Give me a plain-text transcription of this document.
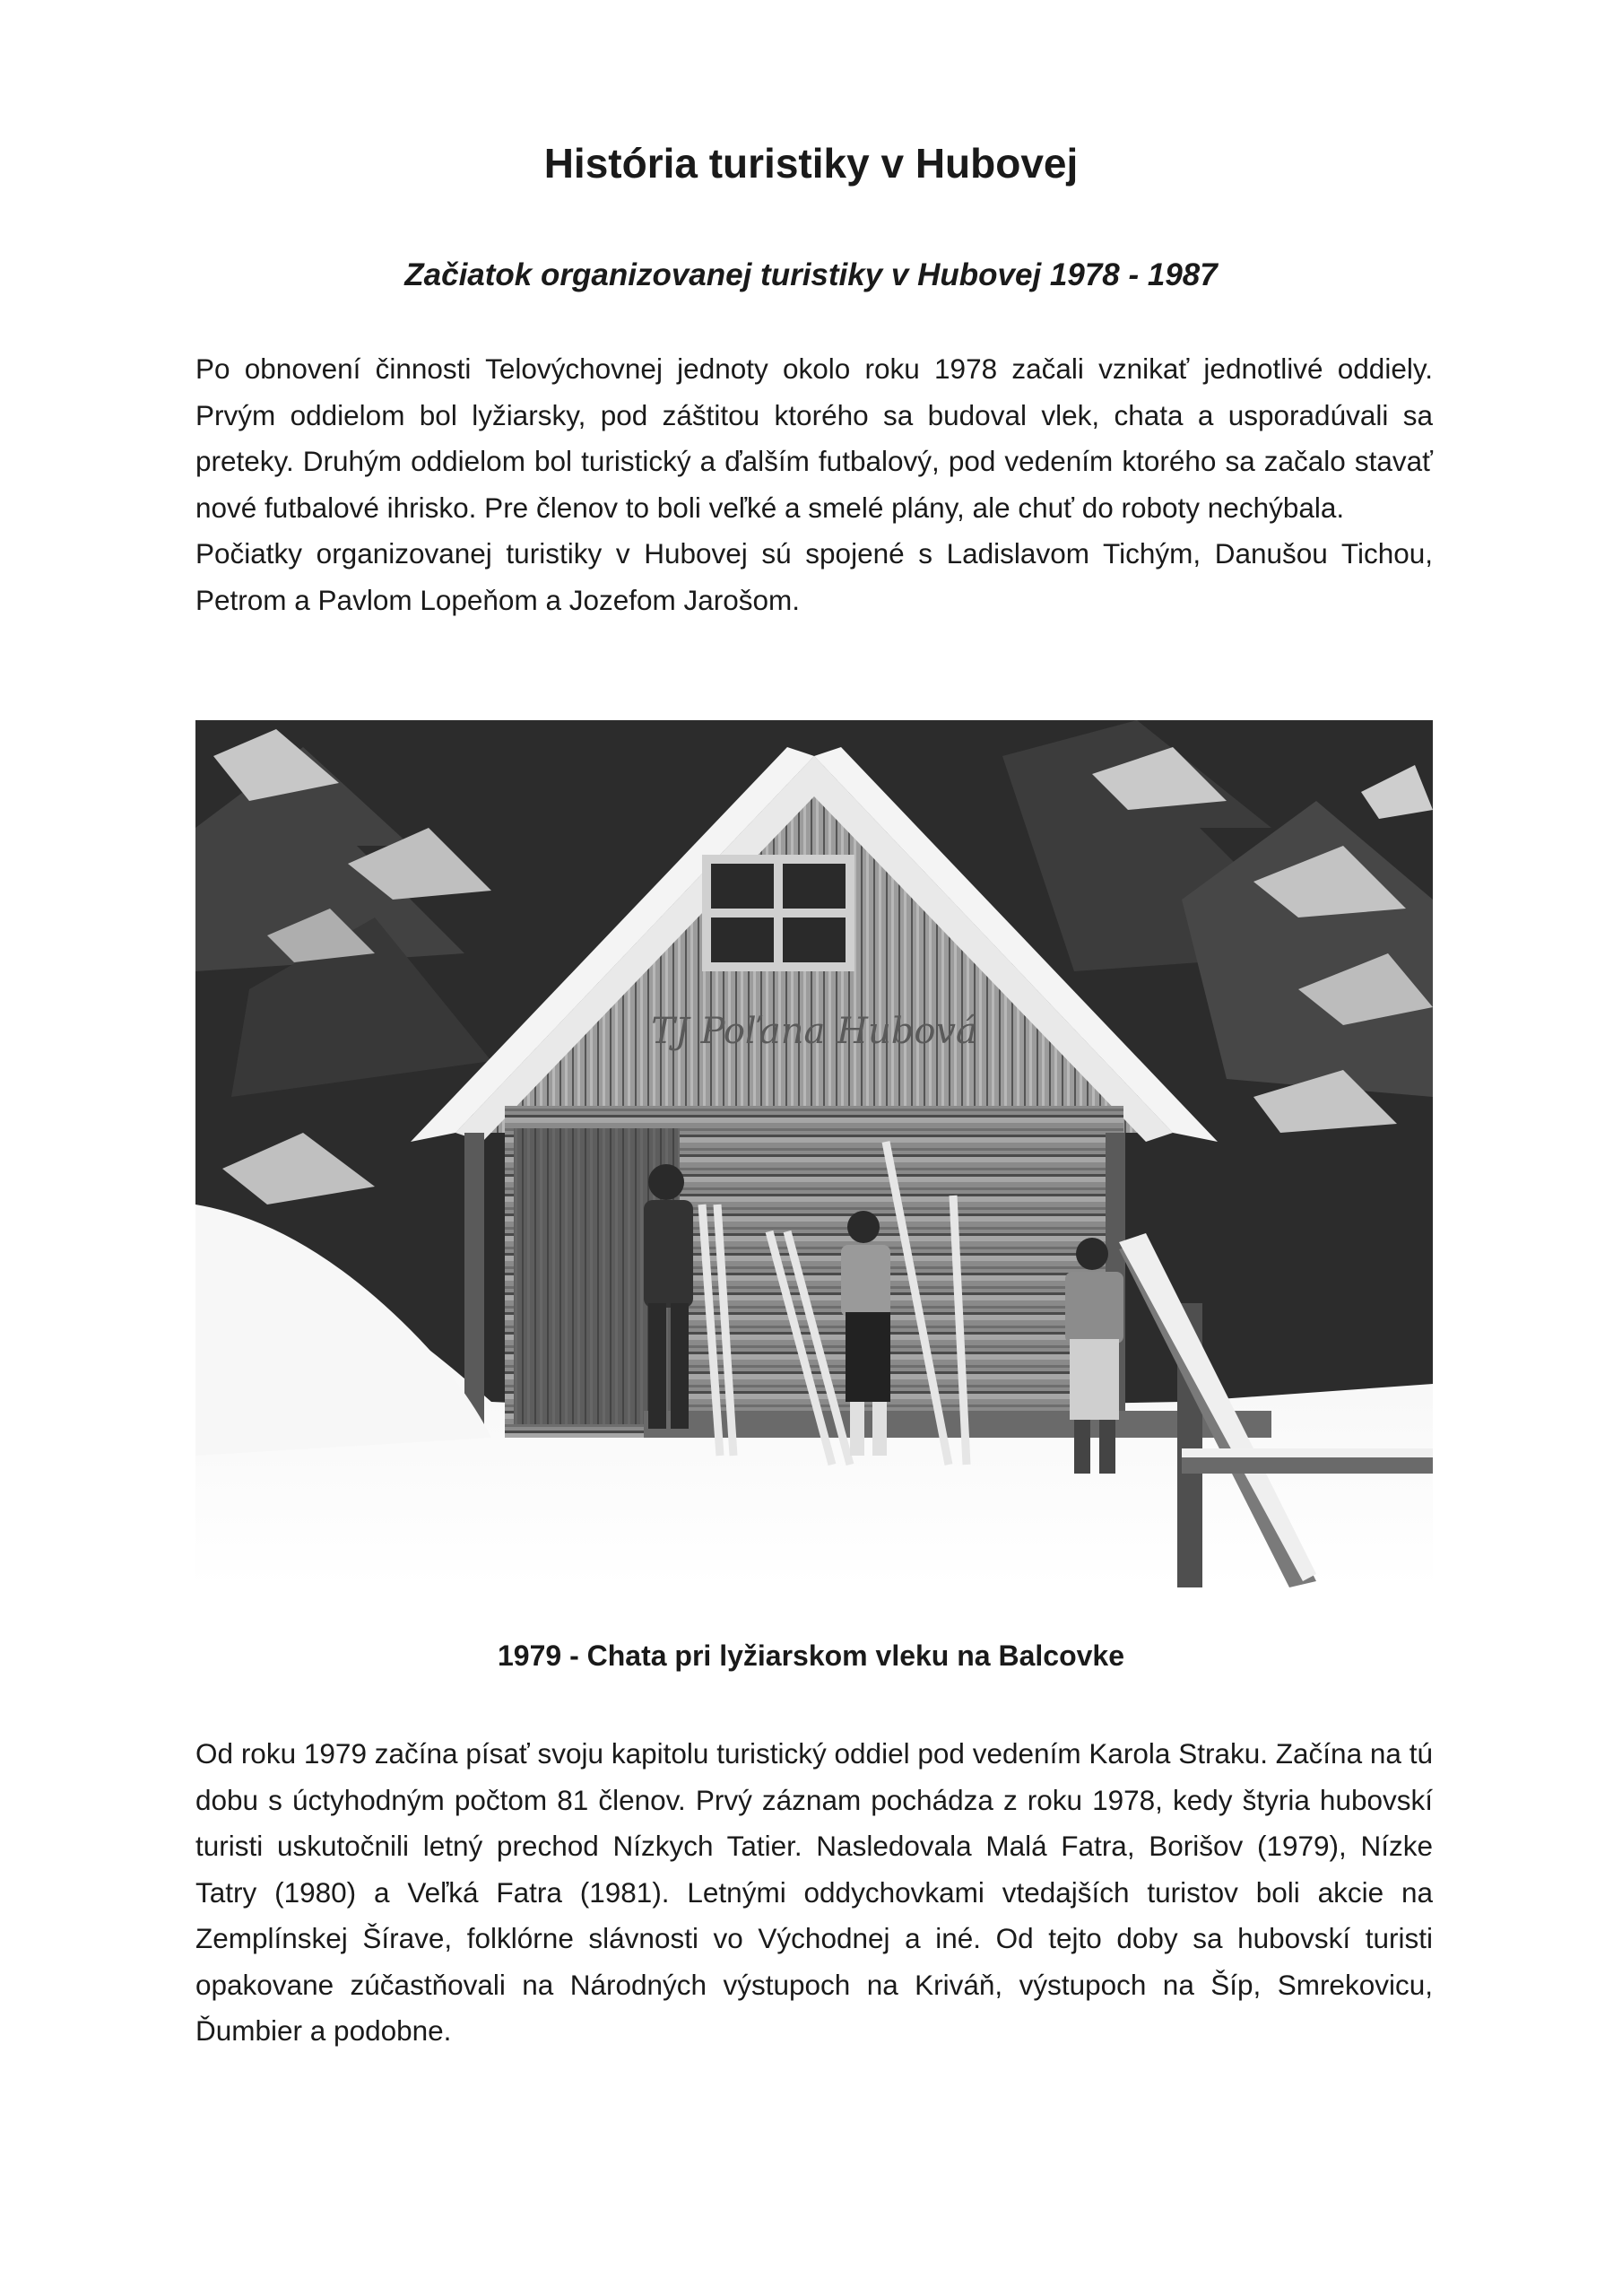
História turistiky v Hubovej
Začiatok organizovanej turistiky v Hubovej 1978 - 1987

Po obnovení činnosti Telovýchovnej jednoty okolo roku 1978 začali vznikať jednotlivé oddiely. Prvým oddielom bol lyžiarsky, pod záštitou ktorého sa budoval vlek, chata a usporadúvali sa preteky. Druhým oddielom bol turistický a ďalším futbalový, pod vedením ktorého sa začalo stavať nové futbalové ihrisko. Pre členov to boli veľké a smelé plány, ale chuť do roboty nechýbala.

Počiatky organizovanej turistiky v Hubovej sú spojené s Ladislavom Tichým, Danušou Tichou, Petrom a Pavlom Lopeňom a Jozefom Jarošom.

TJ Poľana Hubová

1979 - Chata pri lyžiarskom vleku na Balcovke

Od roku 1979 začína písať svoju kapitolu turistický oddiel pod vedením Karola Straku. Začína na tú dobu s úctyhodným počtom 81 členov. Prvý záznam pochádza z roku 1978, kedy štyria hubovskí turisti uskutočnili letný prechod Nízkych Tatier. Nasledovala Malá Fatra, Borišov (1979), Nízke Tatry (1980) a Veľká Fatra (1981). Letnými oddychovkami vtedajších turistov boli akcie na Zemplínskej Šírave, folklórne slávnosti vo Východnej a iné. Od tejto doby sa hubovskí turisti opakovane zúčastňovali na Národných výstupoch na Kriváň, výstupoch na Šíp, Smrekovicu, Ďumbier a podobne.
